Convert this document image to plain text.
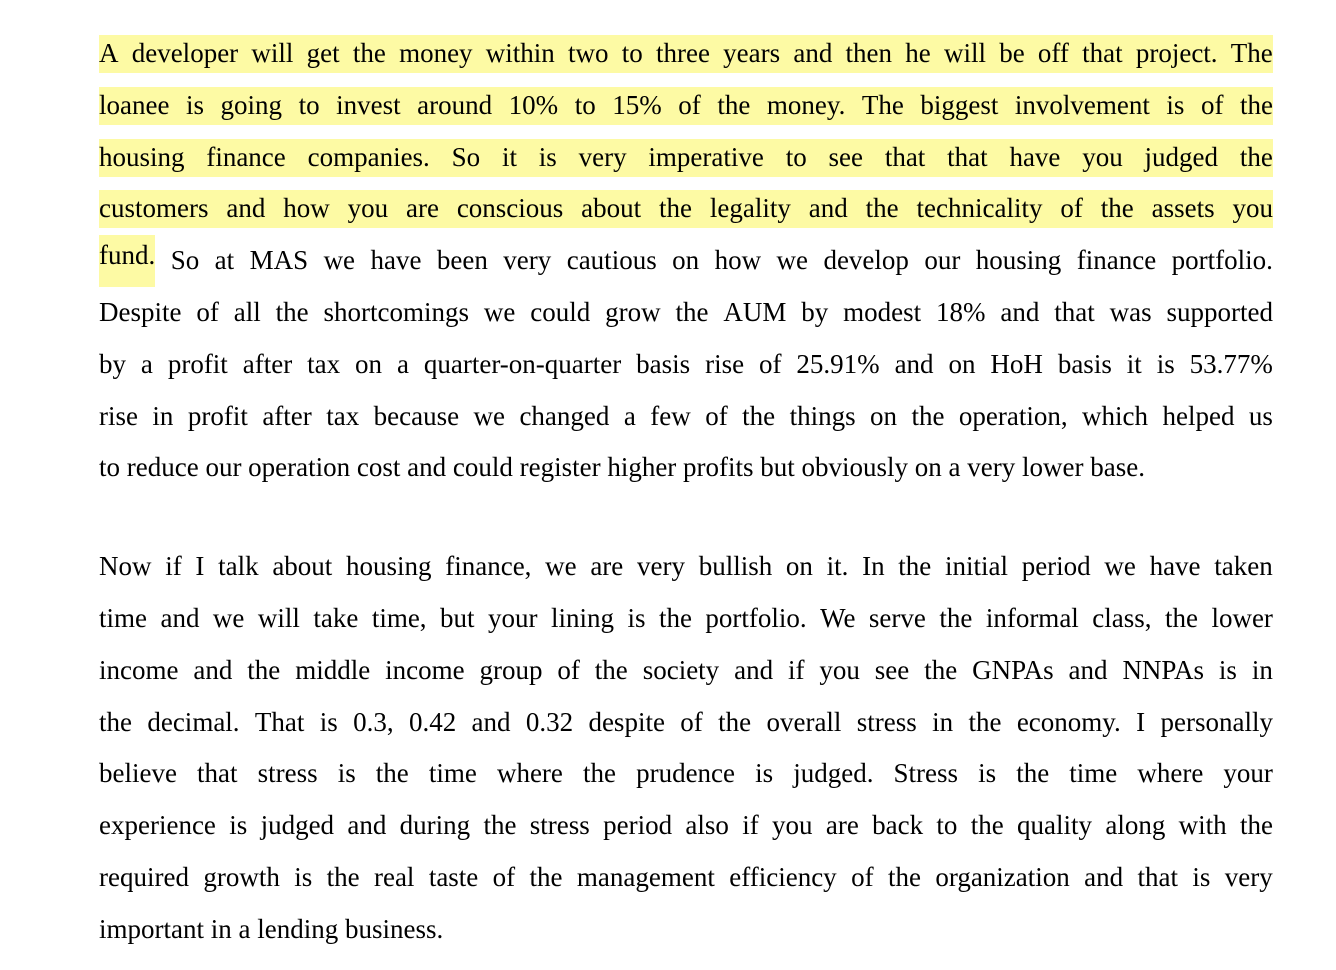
A developer will get the money within two to three years and then he will be off that project. The
loanee is going to invest around 10% to 15% of the money. The biggest involvement is of the
housing finance companies. So it is very imperative to see that that have you judged the
customers and how you are conscious about the legality and the technicality of the assets you
fund. So at MAS we have been very cautious on how we develop our housing finance portfolio.
Despite of all the shortcomings we could grow the AUM by modest 18% and that was supported
by a profit after tax on a quarter-on-quarter basis rise of 25.91% and on HoH basis it is 53.77%
rise in profit after tax because we changed a few of the things on the operation, which helped us
to reduce our operation cost and could register higher profits but obviously on a very lower base.
Now if I talk about housing finance, we are very bullish on it. In the initial period we have taken
time and we will take time, but your lining is the portfolio. We serve the informal class, the lower
income and the middle income group of the society and if you see the GNPAs and NNPAs is in
the decimal. That is 0.3, 0.42 and 0.32 despite of the overall stress in the economy. I personally
believe that stress is the time where the prudence is judged. Stress is the time where your
experience is judged and during the stress period also if you are back to the quality along with the
required growth is the real taste of the management efficiency of the organization and that is very
important in a lending business.
